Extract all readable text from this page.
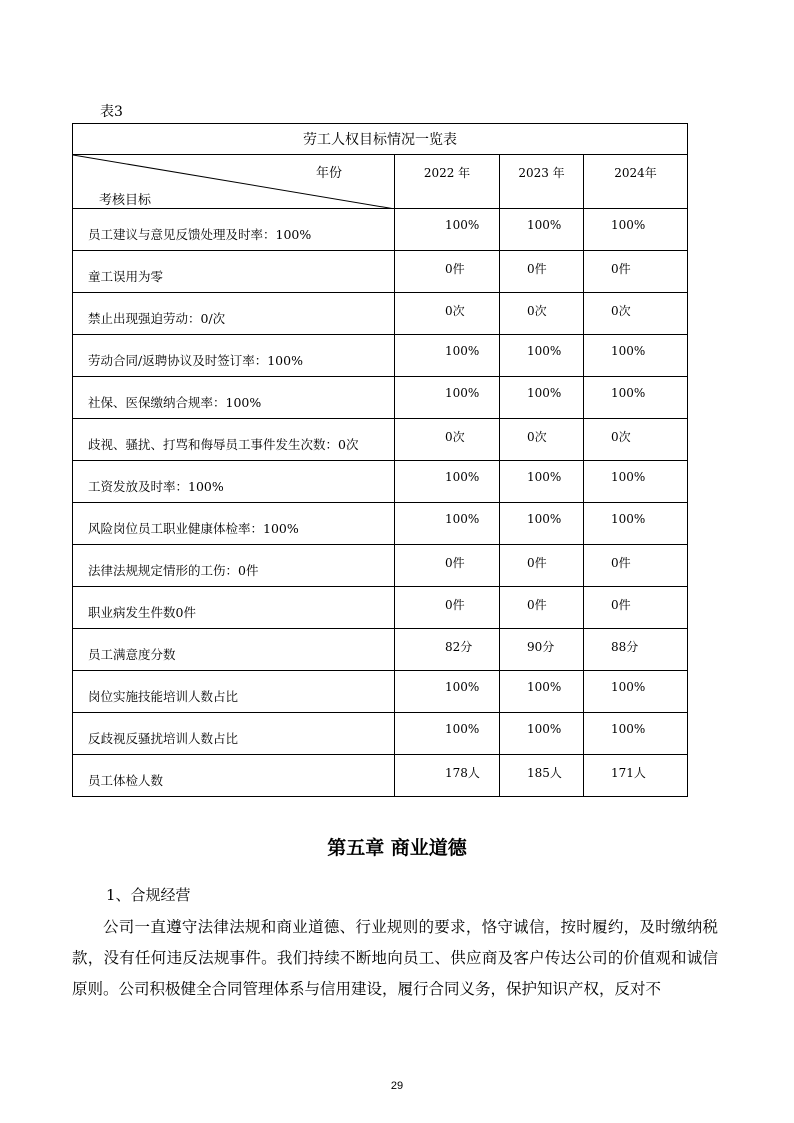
表3
劳工人权目标情况一览表			

年份
考核目标	2022 年	2023 年	2024年
员工建议与意见反馈处理及时率：100%	100%	100%	100%
童工误用为零	0件	0件	0件
禁止出现强迫劳动：0/次	0次	0次	0次
劳动合同/返聘协议及时签订率：100%	100%	100%	100%
社保、医保缴纳合规率：100%	100%	100%	100%
歧视、骚扰、打骂和侮辱员工事件发生次数：0次	0次	0次	0次
工资发放及时率：100%	100%	100%	100%
风险岗位员工职业健康体检率：100%	100%	100%	100%
法律法规规定情形的工伤：0件	0件	0件	0件
职业病发生件数0件	0件	0件	0件
员工满意度分数	82分	90分	88分
岗位实施技能培训人数占比	100%	100%	100%
反歧视反骚扰培训人数占比	100%	100%	100%
员工体检人数	178人	185人	171人
第五章 商业道德
1、合规经营
公司一直遵守法律法规和商业道德、行业规则的要求，恪守诚信，按时履约，及时缴纳税款，没有任何违反法规事件。我们持续不断地向员工、供应商及客户传达公司的价值观和诚信原则。公司积极健全合同管理体系与信用建设，履行合同义务，保护知识产权，反对不
29
